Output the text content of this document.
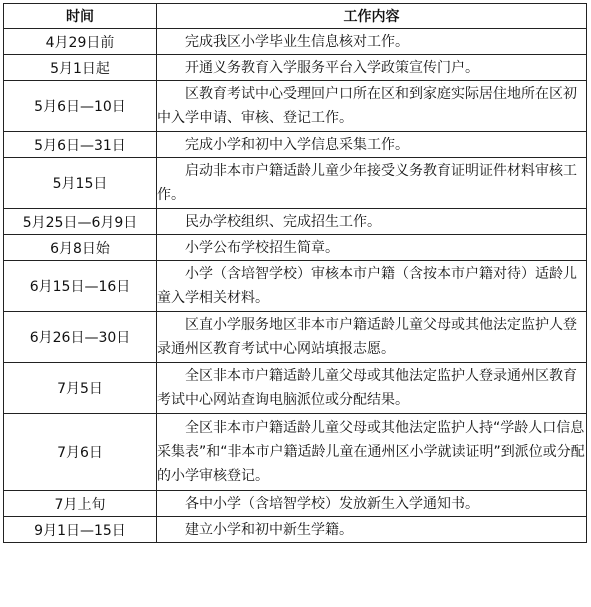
时间	工作内容
4月29日前	完成我区小学毕业生信息核对工作。
5月1日起	开通义务教育入学服务平台入学政策宣传门户。
5月6日—10日	区教育考试中心受理回户口所在区和到家庭实际居住地所在区初中入学申请、审核、登记工作。
5月6日—31日	完成小学和初中入学信息采集工作。
5月15日	启动非本市户籍适龄儿童少年接受义务教育证明证件材料审核工作。
5月25日—6月9日	民办学校组织、完成招生工作。
6月8日始	小学公布学校招生简章。
6月15日—16日	小学（含培智学校）审核本市户籍（含按本市户籍对待）适龄儿童入学相关材料。
6月26日—30日	区直小学服务地区非本市户籍适龄儿童父母或其他法定监护人登录通州区教育考试中心网站填报志愿。
7月5日	全区非本市户籍适龄儿童父母或其他法定监护人登录通州区教育考试中心网站查询电脑派位或分配结果。
7月6日	全区非本市户籍适龄儿童父母或其他法定监护人持“学龄人口信息采集表”和“非本市户籍适龄儿童在通州区小学就读证明”到派位或分配的小学审核登记。
7月上旬	各中小学（含培智学校）发放新生入学通知书。
9月1日—15日	建立小学和初中新生学籍。
